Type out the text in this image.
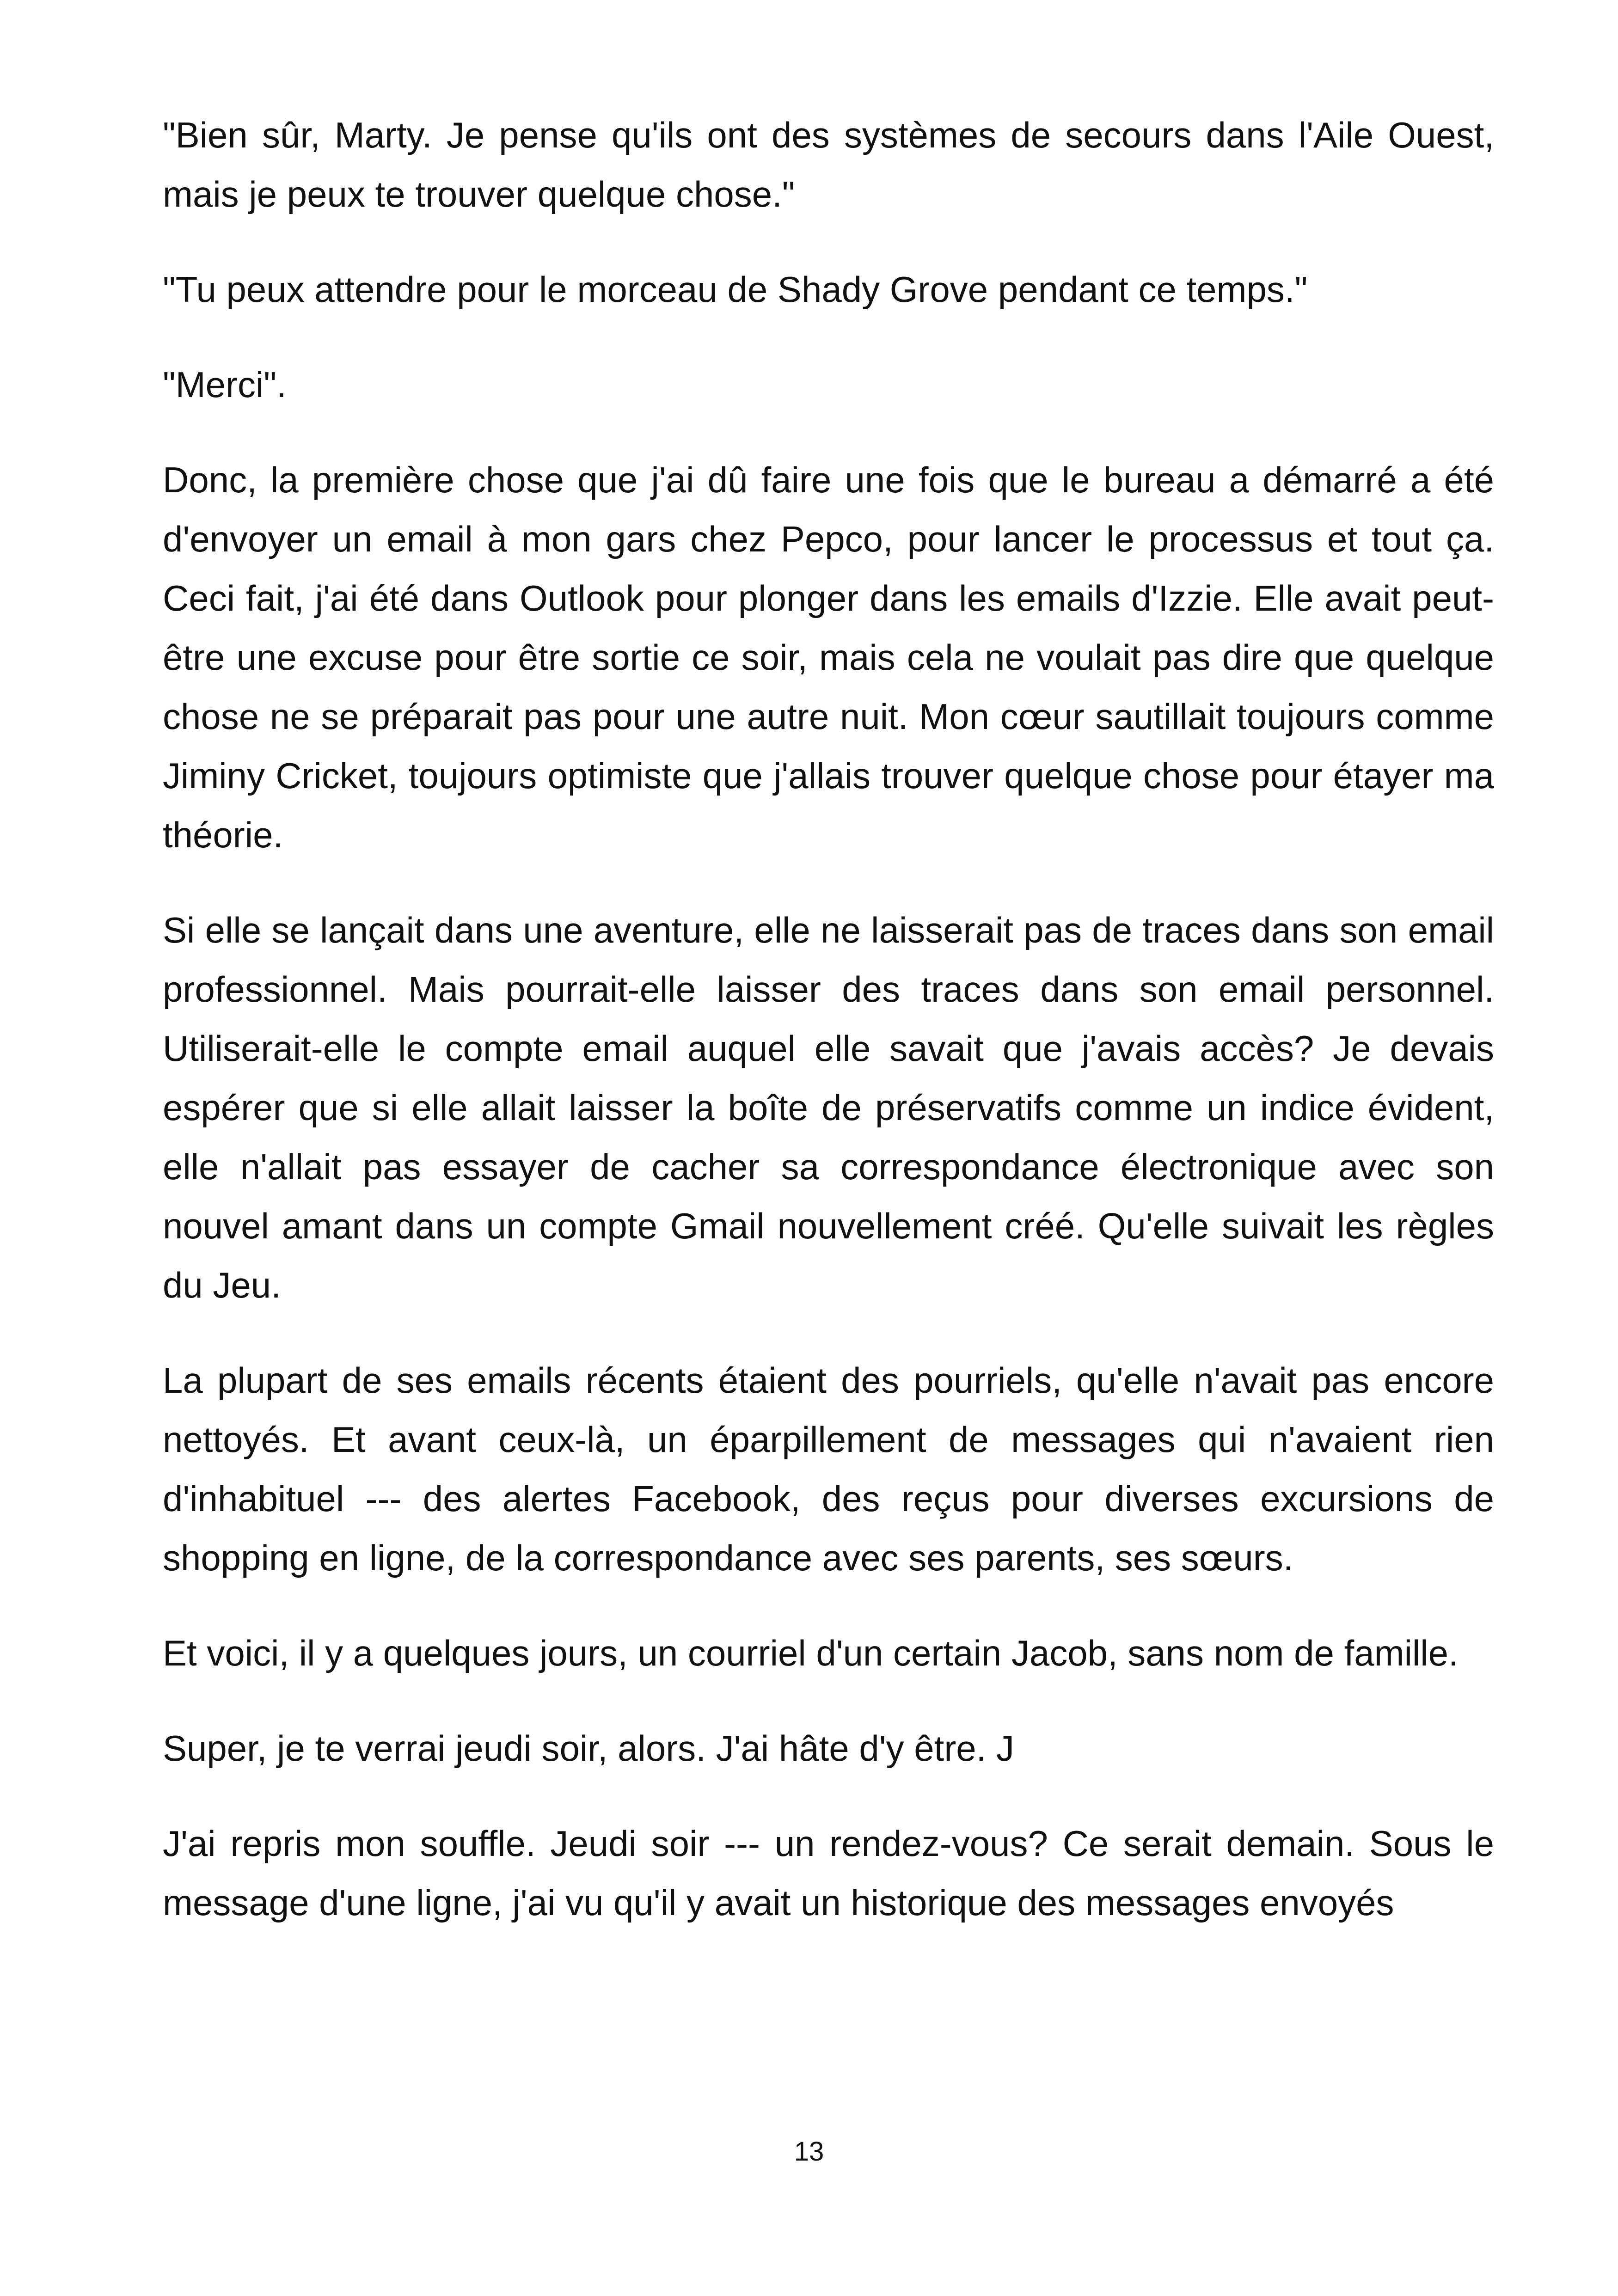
"Bien sûr, Marty. Je pense qu'ils ont des systèmes de secours dans l'Aile Ouest, mais je peux te trouver quelque chose."

"Tu peux attendre pour le morceau de Shady Grove pendant ce temps."

"Merci".

Donc, la première chose que j'ai dû faire une fois que le bureau a démarré a été d'envoyer un email à mon gars chez Pepco, pour lancer le processus et tout ça. Ceci fait, j'ai été dans Outlook pour plonger dans les emails d'Izzie. Elle avait peut-être une excuse pour être sortie ce soir, mais cela ne voulait pas dire que quelque chose ne se préparait pas pour une autre nuit. Mon cœur sautillait toujours comme Jiminy Cricket, toujours optimiste que j'allais trouver quelque chose pour étayer ma théorie.

Si elle se lançait dans une aventure, elle ne laisserait pas de traces dans son email professionnel. Mais pourrait-elle laisser des traces dans son email personnel. Utiliserait-elle le compte email auquel elle savait que j'avais accès? Je devais espérer que si elle allait laisser la boîte de préservatifs comme un indice évident, elle n'allait pas essayer de cacher sa correspondance électronique avec son nouvel amant dans un compte Gmail nouvellement créé. Qu'elle suivait les règles du Jeu.

La plupart de ses emails récents étaient des pourriels, qu'elle n'avait pas encore nettoyés. Et avant ceux-là, un éparpillement de messages qui n'avaient rien d'inhabituel --- des alertes Facebook, des reçus pour diverses excursions de shopping en ligne, de la correspondance avec ses parents, ses sœurs.

Et voici, il y a quelques jours, un courriel d'un certain Jacob, sans nom de famille.

Super, je te verrai jeudi soir, alors. J'ai hâte d'y être. J

J'ai repris mon souffle. Jeudi soir --- un rendez-vous? Ce serait demain. Sous le message d'une ligne, j'ai vu qu'il y avait un historique des messages envoyés

13
